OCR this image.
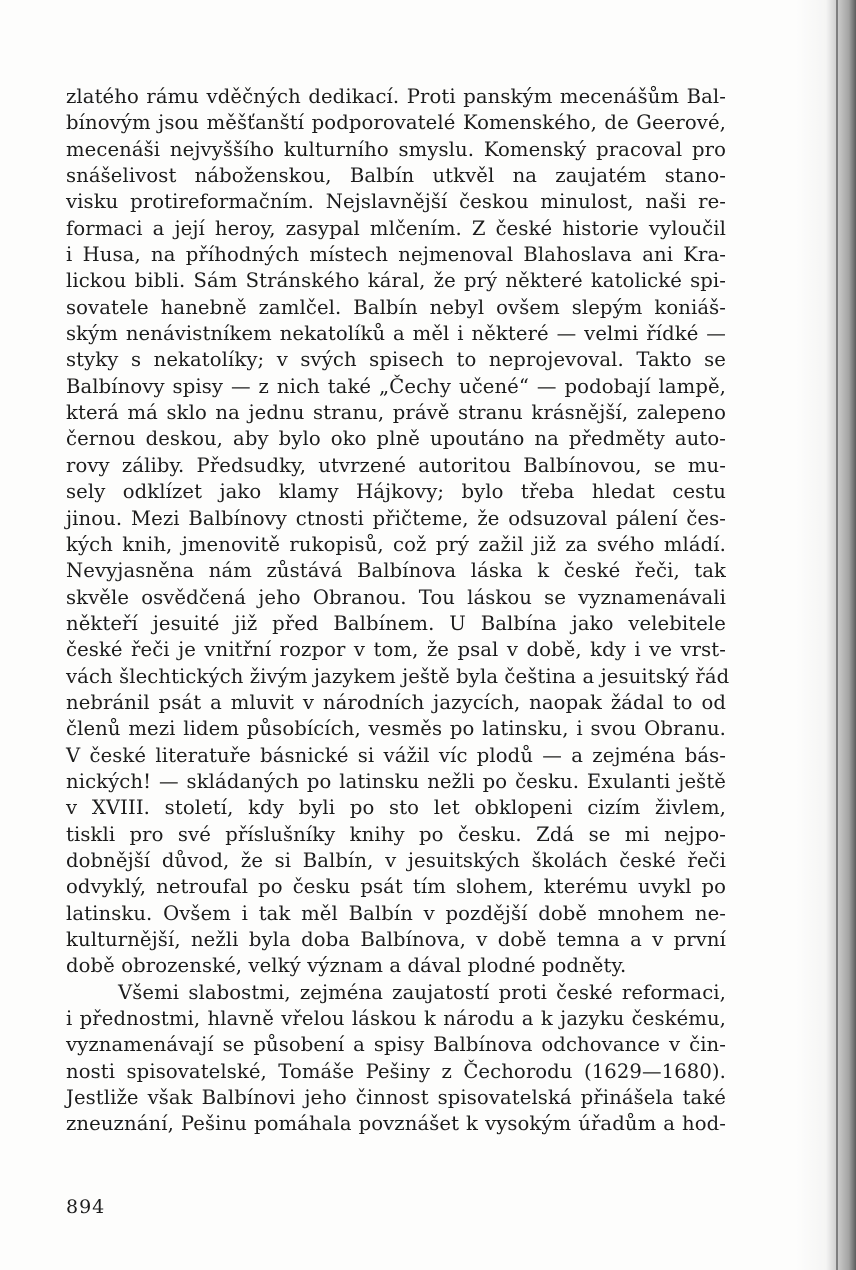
zlatého rámu vděčných dedikací. Proti panským mecenášům Bal-
bínovým jsou měšťanští podporovatelé Komenského, de Geerové,
mecenáši nejvyššího kulturního smyslu. Komenský pracoval pro
snášelivost náboženskou, Balbín utkvěl na zaujatém stano-
visku protireformačním. Nejslavnější českou minulost, naši re-
formaci a její heroy, zasypal mlčením. Z české historie vyloučil
i Husa, na příhodných místech nejmenoval Blahoslava ani Kra-
lickou bibli. Sám Stránského káral, že prý některé katolické spi-
sovatele hanebně zamlčel. Balbín nebyl ovšem slepým koniáš-
ským nenávistníkem nekatolíků a měl i některé — velmi řídké —
styky s nekatolíky; v svých spisech to neprojevoval. Takto se
Balbínovy spisy — z nich také „Čechy učené“ — podobají lampě,
která má sklo na jednu stranu, právě stranu krásnější, zalepeno
černou deskou, aby bylo oko plně upoutáno na předměty auto-
rovy záliby. Předsudky, utvrzené autoritou Balbínovou, se mu-
sely odklízet jako klamy Hájkovy; bylo třeba hledat cestu
jinou. Mezi Balbínovy ctnosti přičteme, že odsuzoval pálení čes-
kých knih, jmenovitě rukopisů, což prý zažil již za svého mládí.
Nevyjasněna nám zůstává Balbínova láska k české řeči, tak
skvěle osvědčená jeho Obranou. Tou láskou se vyznamenávali
někteří jesuité již před Balbínem. U Balbína jako velebitele
české řeči je vnitřní rozpor v tom, že psal v době, kdy i ve vrst-
vách šlechtických živým jazykem ještě byla čeština a jesuitský řád
nebránil psát a mluvit v národních jazycích, naopak žádal to od
členů mezi lidem působících, vesměs po latinsku, i svou Obranu.
V české literatuře básnické si vážil víc plodů — a zejména bás-
nických! — skládaných po latinsku nežli po česku. Exulanti ještě
v XVIII. století, kdy byli po sto let obklopeni cizím živlem,
tiskli pro své příslušníky knihy po česku. Zdá se mi nejpo-
dobnější důvod, že si Balbín, v jesuitských školách české řeči
odvyklý, netroufal po česku psát tím slohem, kterému uvykl po
latinsku. Ovšem i tak měl Balbín v pozdější době mnohem ne-
kulturnější, nežli byla doba Balbínova, v době temna a v první
době obrozenské, velký význam a dával plodné podněty.
Všemi slabostmi, zejména zaujatostí proti české reformaci,
i přednostmi, hlavně vřelou láskou k národu a k jazyku českému,
vyznamenávají se působení a spisy Balbínova odchovance v čin-
nosti spisovatelské, Tomáše Pešiny z Čechorodu (1629—1680).
Jestliže však Balbínovi jeho činnost spisovatelská přinášela také
zneuznání, Pešinu pomáhala povznášet k vysokým úřadům a hod-
894
